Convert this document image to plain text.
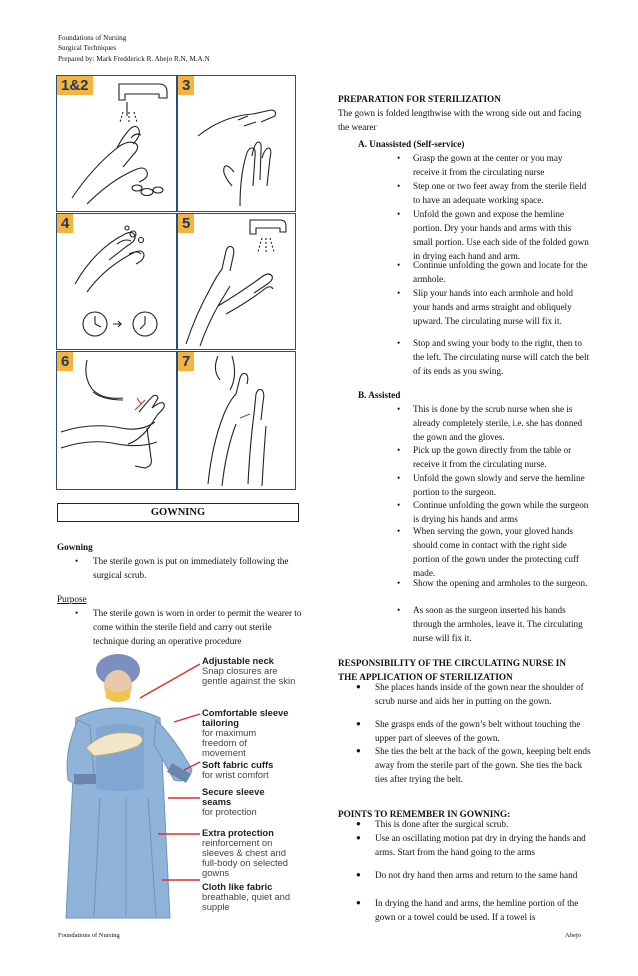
Foundations of Nursing
Surgical Techniques
Prepared by: Mark Fredderick R. Abejo R.N, M.A.N
1&2	3
4	5
6	7
GOWNING
Gowning
• The sterile gown is put on immediately following the surgical scrub.
Purpose
• The sterile gown is worn in order to permit the wearer to come within the sterile field and carry out sterile technique during an operative procedure
Adjustable neck
Snap closures are gentle against the skin
Comfortable sleeve tailoring
for maximum freedom of movement
Soft fabric cuffs
for wrist comfort
Secure sleeve seams
for protection
Extra protection
reinforcement on sleeves & chest and full-body on selected gowns
Cloth like fabric
breathable, quiet and supple
PREPARATION FOR STERILIZATION
The gown is folded lengthwise with the wrong side out and facing the wearer
A. Unassisted (Self-service)
• Grasp the gown at the center or you may receive it from the circulating nurse
• Step one or two feet away from the sterile field to have an adequate working space.
• Unfold the gown and expose the hemline portion. Dry your hands and arms with this small portion. Use each side of the folded gown in drying each hand and arm.
• Continue unfolding the gown and locate for the armhole.
• Slip your hands into each armhole and hold your hands and arms straight and obliquely upward. The circulating nurse will fix it.
• Stop and swing your body to the right, then to the left. The circulating nurse will catch the belt of its ends as you swing.
B. Assisted
• This is done by the scrub nurse when she is already completely sterile, i.e. she has donned the gown and the gloves.
• Pick up the gown directly from the table or receive it from the circulating nurse.
• Unfold the gown slowly and serve the hemline portion to the surgeon.
• Continue unfolding the gown while the surgeon is drying his hands and arms
• When serving the gown, your gloved hands should come in contact with the right side portion of the gown under the protecting cuff made.
• Show the opening and armholes to the surgeon.
• As soon as the surgeon inserted his hands through the armholes, leave it. The circulating nurse will fix it.
RESPONSIBILITY OF THE CIRCULATING NURSE IN THE APPLICATION OF STERILIZATION
● She places hands inside of the gown near the shoulder of scrub nurse and aids her in putting on the gown.
● She grasps ends of the gown’s belt without touching the upper part of sleeves of the gown.
● She ties the belt at the back of the gown, keeping belt ends away from the sterile part of the gown. She ties the back ties after trying the belt.
POINTS TO REMEMBER IN GOWNING:
● This is done after the surgical scrub.
● Use an oscillating motion pat dry in drying the hands and arms. Start from the hand going to the arms
● Do not dry hand then arms and return to the same hand
● In drying the hand and arms, the hemline portion of the gown or a towel could be used. If a towel is
Foundations of Nursing	Abejo
